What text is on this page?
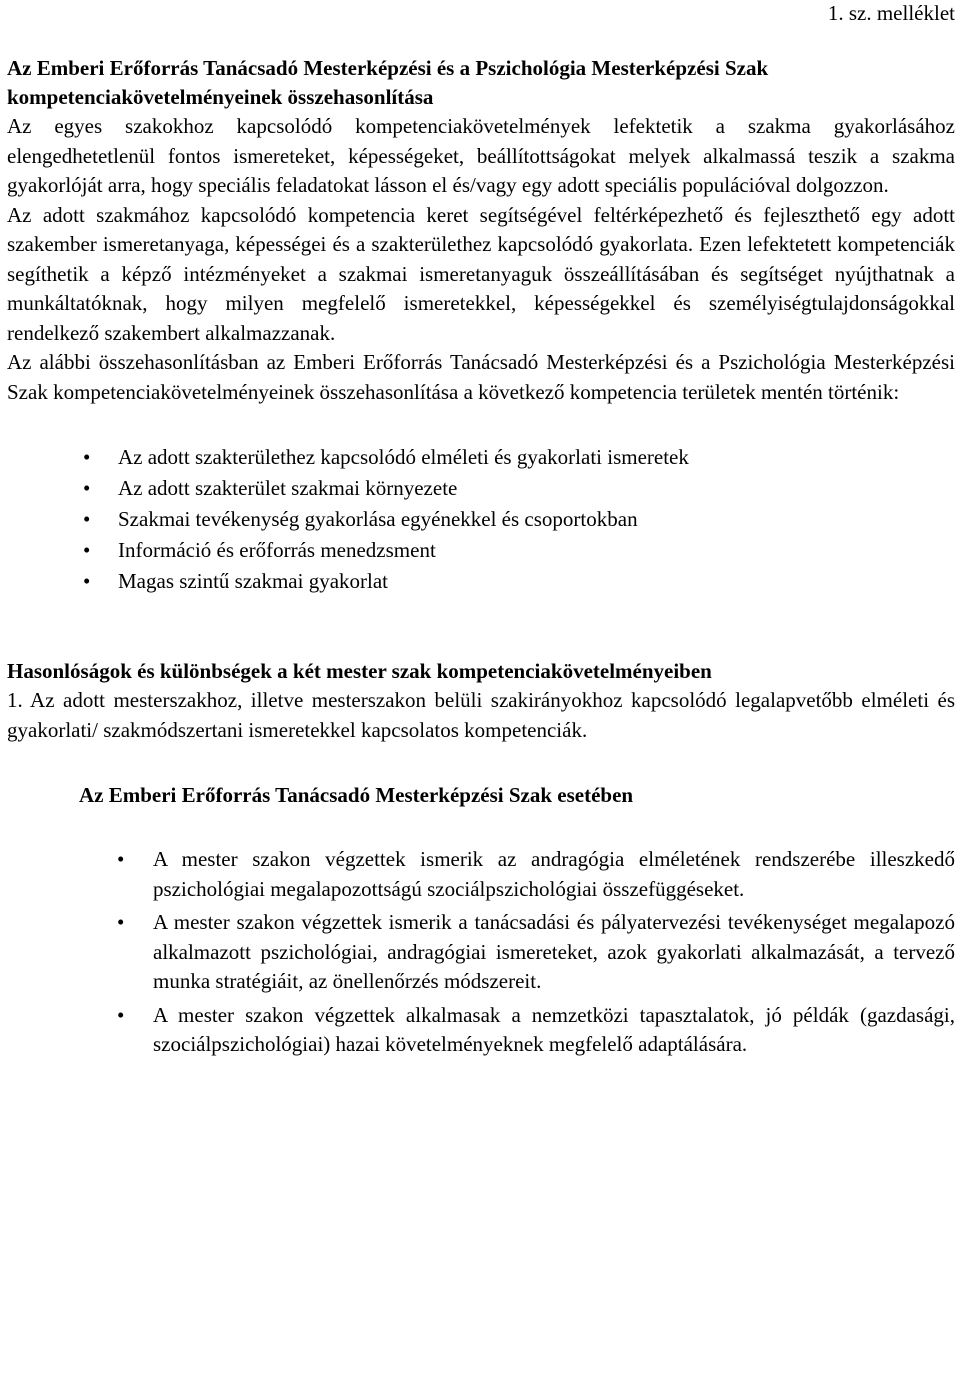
1. sz. melléklet

Az Emberi Erőforrás Tanácsadó Mesterképzési és a Pszichológia Mesterképzési Szak kompetenciakövetelményeinek összehasonlítása

Az egyes szakokhoz kapcsolódó kompetenciakövetelmények lefektetik a szakma gyakorlásához elengedhetetlenül fontos ismereteket, képességeket, beállítottságokat melyek alkalmassá teszik a szakma gyakorlóját arra, hogy speciális feladatokat lásson el és/vagy egy adott speciális populációval dolgozzon.

Az adott szakmához kapcsolódó kompetencia keret segítségével feltérképezhető és fejleszthető egy adott szakember ismeretanyaga, képességei és a szakterülethez kapcsolódó gyakorlata. Ezen lefektetett kompetenciák segíthetik a képző intézményeket a szakmai ismeretanyaguk összeállításában és segítséget nyújthatnak a munkáltatóknak, hogy milyen megfelelő ismeretekkel, képességekkel és személyiségtulajdonságokkal rendelkező szakembert alkalmazzanak.

Az alábbi összehasonlításban az Emberi Erőforrás Tanácsadó Mesterképzési és a Pszichológia Mesterképzési Szak kompetenciakövetelményeinek összehasonlítása a következő kompetencia területek mentén történik:

• Az adott szakterülethez kapcsolódó elméleti és gyakorlati ismeretek
• Az adott szakterület szakmai környezete
• Szakmai tevékenység gyakorlása egyénekkel és csoportokban
• Információ és erőforrás menedzsment
• Magas szintű szakmai gyakorlat

Hasonlóságok és különbségek a két mester szak kompetenciakövetelményeiben

1. Az adott mesterszakhoz, illetve mesterszakon belüli szakirányokhoz kapcsolódó legalapvetőbb elméleti és gyakorlati/ szakmódszertani ismeretekkel kapcsolatos kompetenciák.

Az Emberi Erőforrás Tanácsadó Mesterképzési Szak esetében

• A mester szakon végzettek ismerik az andragógia elméletének rendszerébe illeszkedő pszichológiai megalapozottságú szociálpszichológiai összefüggéseket.
• A mester szakon végzettek ismerik a tanácsadási és pályatervezési tevékenységet megalapozó alkalmazott pszichológiai, andragógiai ismereteket, azok gyakorlati alkalmazását, a tervező munka stratégiáit, az önellenőrzés módszereit.
• A mester szakon végzettek alkalmasak a nemzetközi tapasztalatok, jó példák (gazdasági, szociálpszichológiai) hazai követelményeknek megfelelő adaptálására.
